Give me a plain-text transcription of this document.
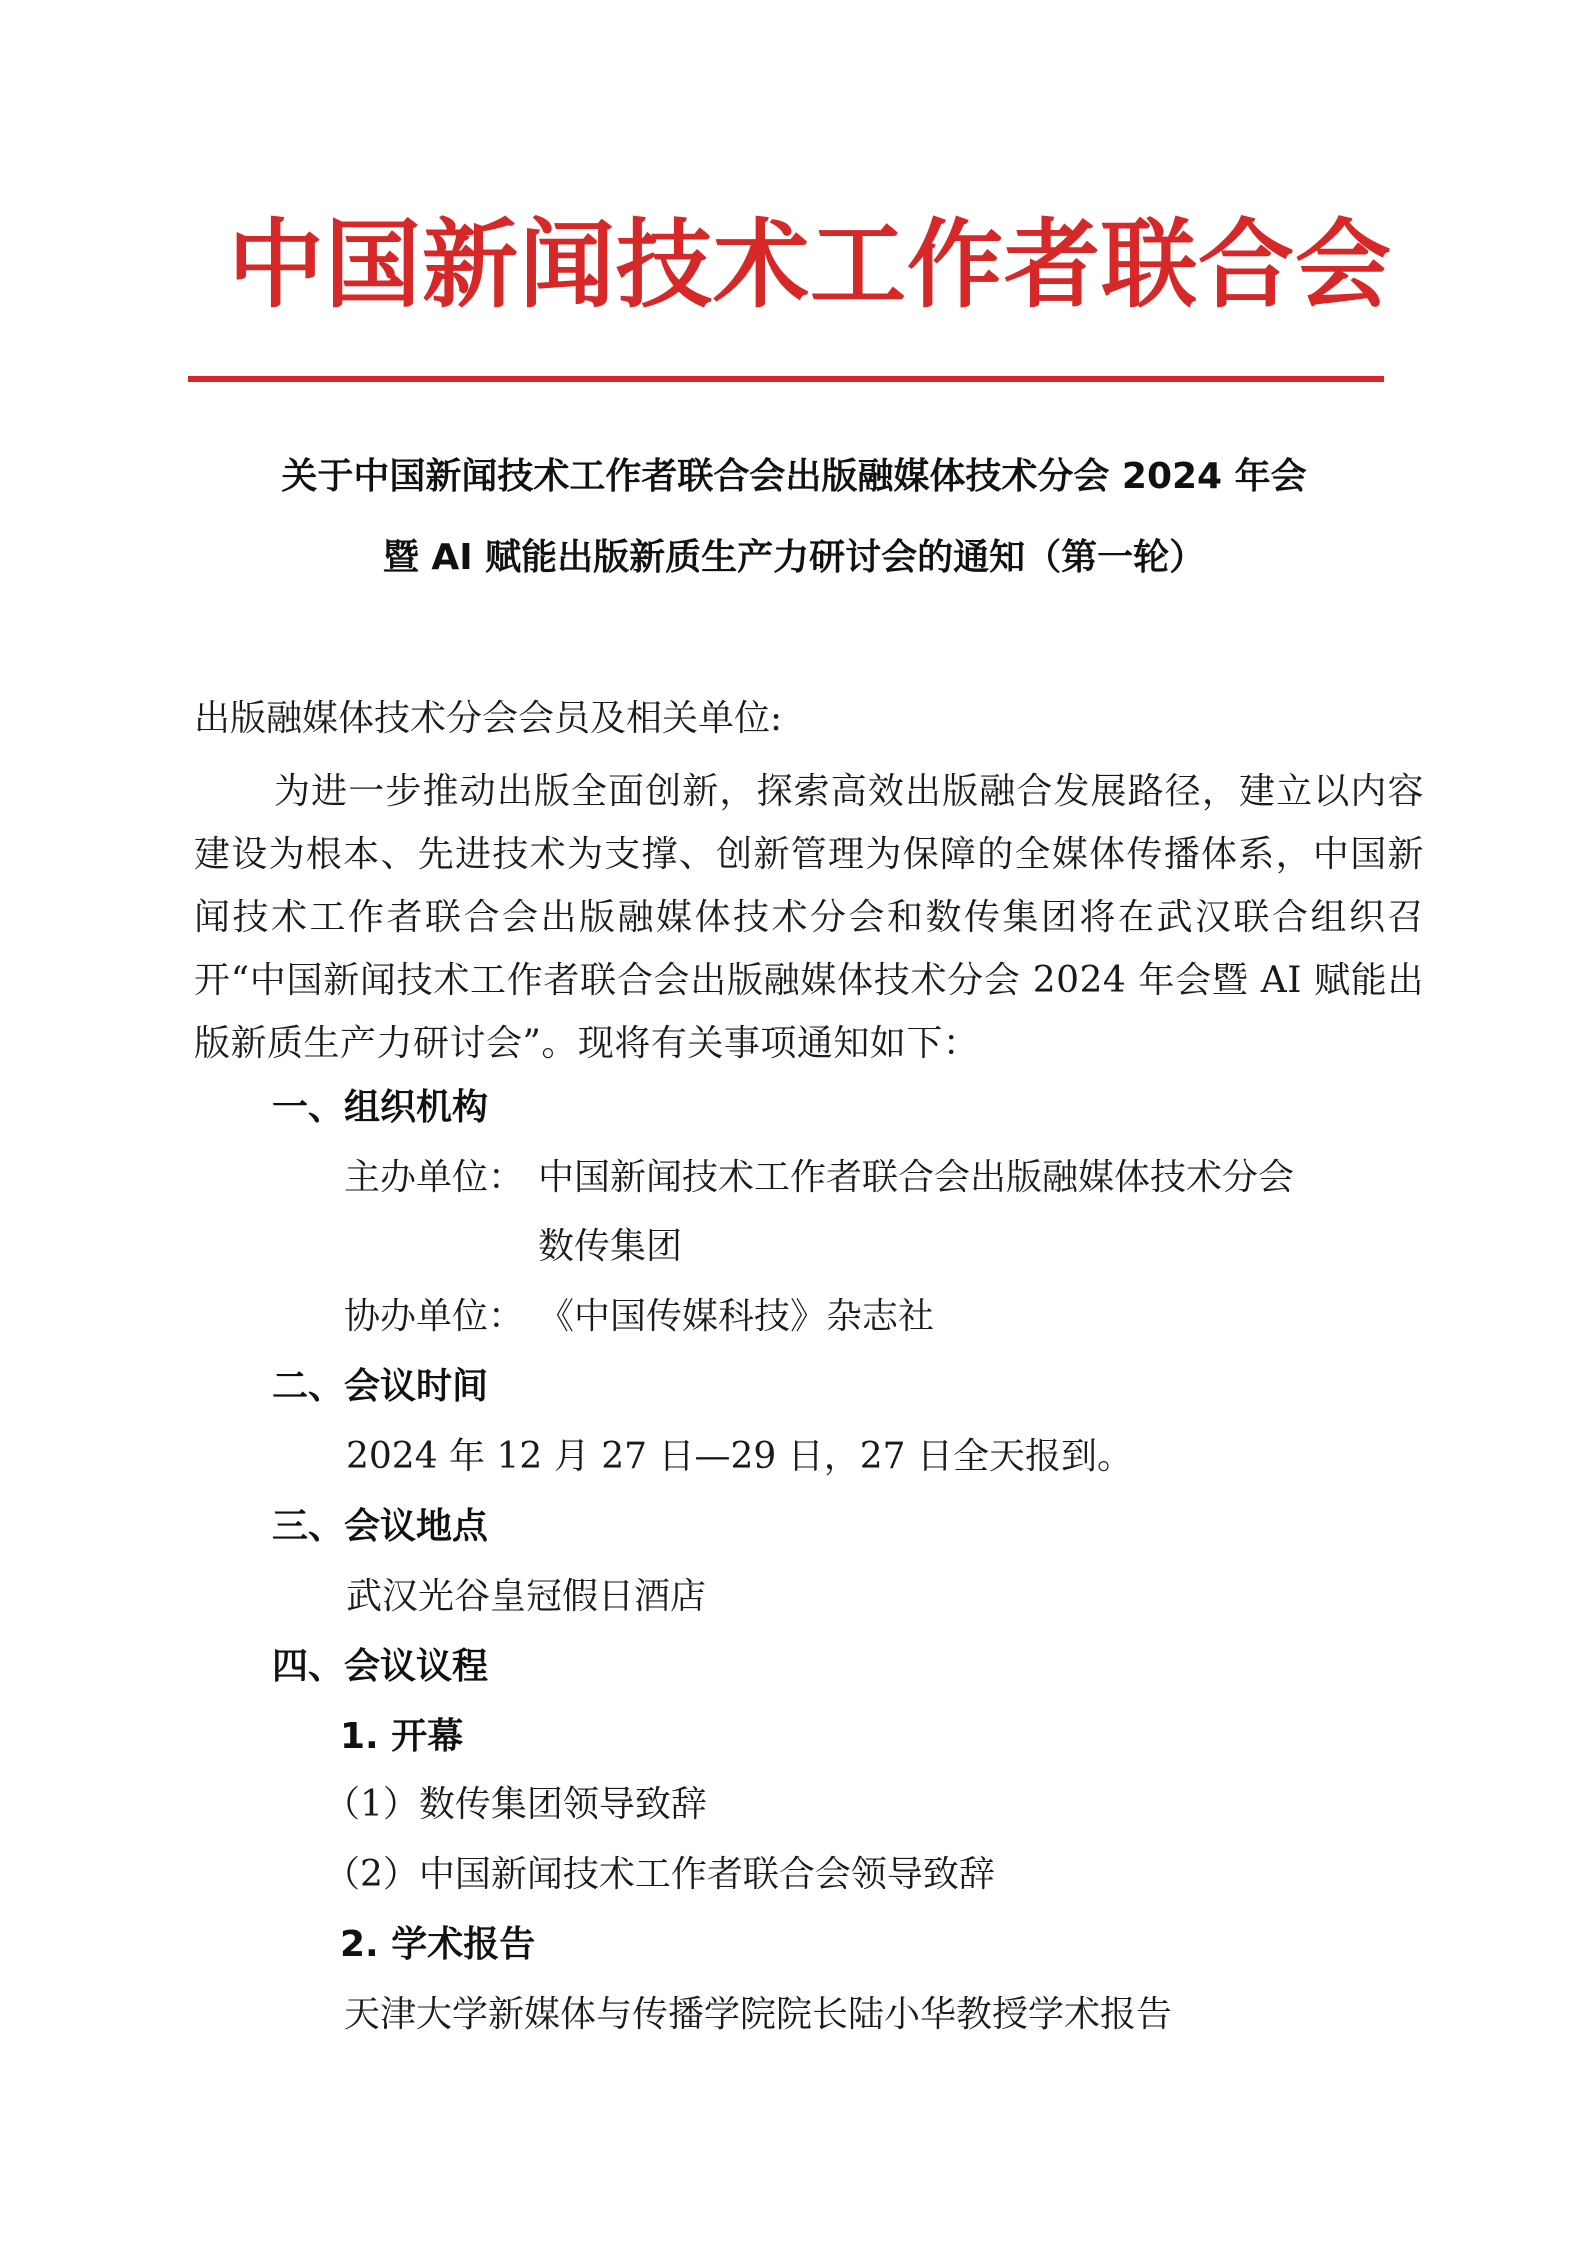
中国新闻技术工作者联合会
关于中国新闻技术工作者联合会出版融媒体技术分会 2024 年会
暨 AI 赋能出版新质生产力研讨会的通知（第一轮）
出版融媒体技术分会会员及相关单位:
为进一步推动出版全面创新，探索高效出版融合发展路径，建立以内容建设为根本、先进技术为支撑、创新管理为保障的全媒体传播体系，中国新闻技术工作者联合会出版融媒体技术分会和数传集团将在武汉联合组织召开“中国新闻技术工作者联合会出版融媒体技术分会 2024 年会暨 AI 赋能出版新质生产力研讨会”。现将有关事项通知如下：
一、组织机构
主办单位： 中国新闻技术工作者联合会出版融媒体技术分会
数传集团
协办单位： 《中国传媒科技》杂志社
二、会议时间
2024 年 12 月 27 日—29 日，27 日全天报到。
三、会议地点
武汉光谷皇冠假日酒店
四、会议议程
1. 开幕
（1）数传集团领导致辞
（2）中国新闻技术工作者联合会领导致辞
2. 学术报告
天津大学新媒体与传播学院院长陆小华教授学术报告
